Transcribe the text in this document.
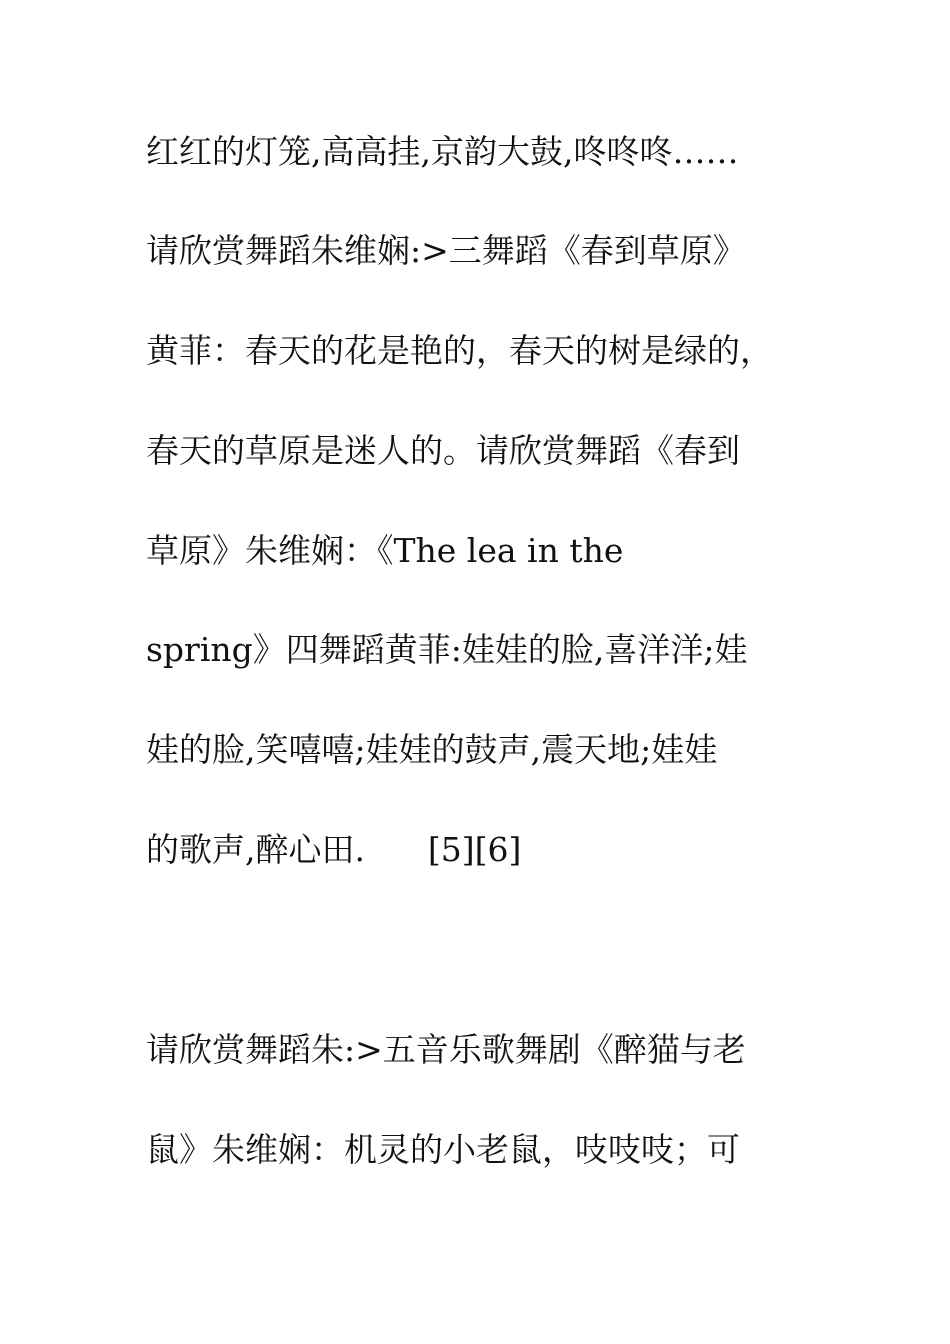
红红的灯笼,高高挂,京韵大鼓,咚咚咚……

请欣赏舞蹈朱维娴:>三舞蹈《春到草原》

黄菲：春天的花是艳的，春天的树是绿的，

春天的草原是迷人的。请欣赏舞蹈《春到

草原》朱维娴：《The lea in the

spring》四舞蹈黄菲:娃娃的脸,喜洋洋;娃

娃的脸,笑嘻嘻;娃娃的鼓声,震天地;娃娃

的歌声,醉心田.      [5][6]

请欣赏舞蹈朱:>五音乐歌舞剧《醉猫与老

鼠》朱维娴：机灵的小老鼠，吱吱吱；可
